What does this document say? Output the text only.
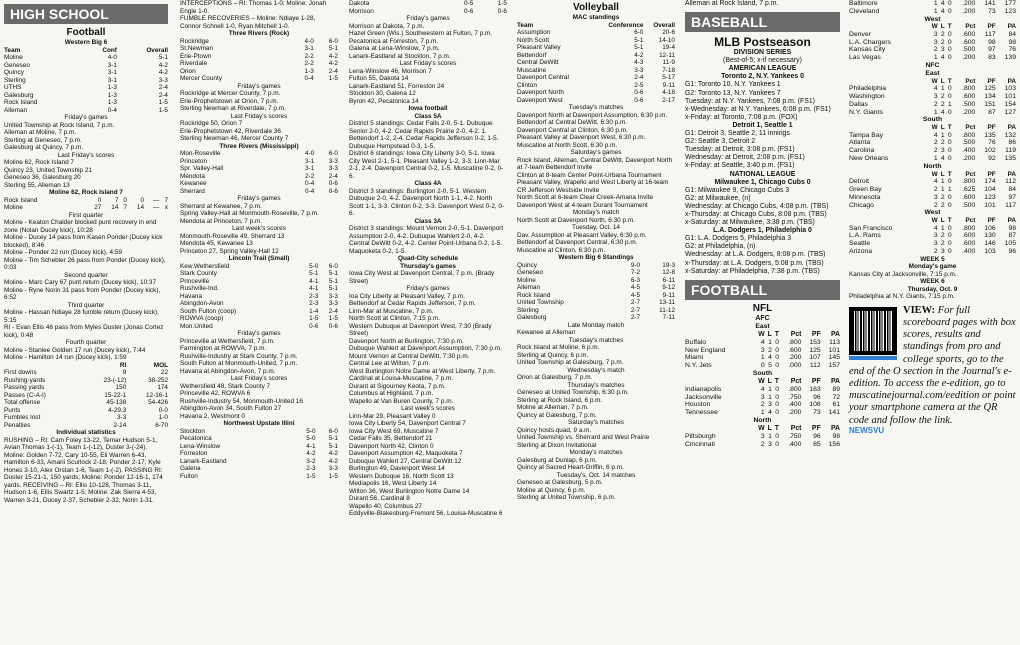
HIGH SCHOOL
Football
Western Big 6
Team	Conf	Overall
Moline	4-0	5-1
Geneseo	3-1	4-2
Quincy	3-1	4-2
Sterling	3-1	3-3
UTHS	1-3	2-4
Galesburg	1-3	2-4
Rock Island	1-3	1-5
Alleman	0-4	1-5
Friday's games
United Township at Rock Island, 7 p.m.
Alleman at Moline, 7 p.m.
Sterling at Geneseo, 7 p.m.
Galesburg at Quincy, 7 p.m.
Last Friday's scores
Moline 62, Rock Island 7
Quincy 23, United Township 21
Geneseo 36, Galesburg 20
Sterling 55, Alleman 13
Moline 62, Rock Island 7
Rock Island	0	7	0	0	—	7
Moline	27	14	7	14	—	x
First quarter
Moline - Keaton Chalder blocked punt recovery in end zone (Nolan Ducey kick), 10:28
Moline - Ducey 14 pass from Kasen Ponder (Ducey kick blocked), 8:46
Moline - Ponder 22 run (Ducey kick), 4:59
Moline - Tim Schebler 26 pass from Ponder (Ducey kick), 0:03
Second quarter
Moline - Marc Cary 67 punt return (Ducey kick), 10:37
Moline - Ryne Norin 31 pass from Ponder (Ducey kick), 6:52
Third quarter
Moline - Hassan Ndiaye 28 fumble return (Ducey kick), 5:15
RI - Evan Ellis 46 pass from Myles Duster (Jonas Cortez kick), 0:48
Fourth quarter
Moline - Stanlee Golden 17 run (Ducey kick), 7:44
Moline - Hamilton 14 run (Ducey kick), 1:59
	RI	MOL
First downs	9	22
Rushing-yards	23-(-12)	38-252
Passing yards	150	174
Passes (C-A-I)	15-22-1	12-16-1
Total offense	45-138	54-426
Punts	4-29.3	0-0
Fumbles lost	3-3	1-0
Penalties	2-14	6-70
Individual statistics
RUSHING – RI: Cam Foley 13-22, Temar Hudson 5-1, Avian Thomas 1-(-1), Team 1-(-12), Duster 3-(-24). Moline: Golden 7-72, Cary 10-55, Eli Warren 6-43, Hamilton 6-33, Amarii Scurlock 2-18, Ponder 2-17, Kyle Hones 3-10, Alex Orstan 1-6, Team 1-(-2). PASSING RI: Duster 15-21-1, 150 yards; Moline: Ponder 12-16-1, 174 yards. RECEIVING – RI: Ellis 10-128, Thomas 3-11, Hudson 1-6, Ellis Swartz 1-5; Moline: Zak Sierra 4-53, Warren 3-21, Ducey 2-37, Schebler 2-32, Norin 1-31.
INTERCEPTIONS – RI: Thomas 1-0; Moline: Jonah Engle 1-0.
FUMBLE RECOVERIES – Moline: Ndiaye 1-28, Connor Schnell 1-0, Ryan Mitchell 1-0.
Three Rivers (Rock)
Rockridge	4-0	6-0
St.Newman	3-1	5-1
Erie-Ptown	2-2	4-2
Riverdale	2-2	4-2
Orion	1-3	2-4
Mercer County	0-4	1-5
Friday's games
Rockridge at Mercer County, 7 p.m.
Erie-Prophetstown at Orion, 7 p.m.
Sterling Newman at Riverdale, 7 p.m.
Last Friday's scores
Rockridge 50, Orion 7
Erie-Prophetstown 42, Riverdale 36
Sterling Newman 46, Mercer County 7
Three Rivers (Mississippi)
Mon-Roseville	4-0	6-0
Princeton	3-1	3-3
Spr. Valley-Hall	3-1	3-3
Mendota	2-2	2-4
Kewanee	0-4	0-6
Sherrard	0-4	0-6
Friday's games
Sherrard at Kewanee, 7 p.m.
Spring Valley-Hall at Monmouth-Roseville, 7 p.m.
Mendota at Princeton, 7 p.m.
Last week's scores
Monmouth-Roseville 49, Sherrard 13
Mendota 45, Kewanee 13
Princeton 27, Spring Valley-Hall 12
Lincoln Trail (Small)
Kew.Wethersfield	5-0	6-0
Stark County	5-1	5-1
Princeville	4-1	5-1
Rushville-Ind.	4-1	5-1
Havana	2-3	3-3
Abingdon-Avon	2-3	3-3
South Fulton (coop)	1-4	2-4
ROWVA (coop)	1-5	1-5
Mon.United	0-6	0-6
Friday's games
Princeville at Wethersfield, 7 p.m.
Farmington at ROWVA, 7 p.m.
Rushville-Industry at Stark County, 7 p.m.
South Fulton at Monmouth-United, 7 p.m.
Havana at Abingdon-Avon, 7 p.m.
Last Friday's scores
Wethersfield 48, Stark County 7
Princeville 42, ROWVA 6
Rushville-Industry 54, Monmouth-United 16
Abingdon-Avon 34, South Fulton 27
Havana 2, Westmont 0
Northwest Upstate Illini
Stockton	5-0	6-0
Pecatonica	5-0	5-1
Lena-Winslow	4-1	5-1
Forreston	4-2	4-2
Lanark-Eastland	3-2	4-2
Galena	2-3	3-3
Fulton	1-5	1-5
Dakota	0-5	1-5
Morrison	0-6	0-6
Friday's games
Morrison at Dakota, 7 p.m.
Hazel Green (Wis.) Southwestern at Fulton, 7 p.m.
Pecatonica at Forreston, 7 p.m.
Galena at Lena-Winslow, 7 p.m.
Lanark-Eastland at Stockton, 7 p.m.
Last Friday's scores
Lena-Winslow 46, Morrison 7
Fulton 55, Dakota 14
Lanark-Eastland 51, Forreston 24
Stockton 30, Galena 12
Byron 42, Pecatonica 14
Iowa football
Class 5A
District 5 standings: Cedar Falls 2-0, 5-1. Dubuque Senior 2-0, 4-2. Cedar Rapids Prairie 2-0, 4-2. 1. Bettendorf 1-2, 2-4. Cedar Rapids Jefferson 0-2, 1-5. Dubuque Hempstead 0-3, 1-5.
District 6 standings: Iowa City Liberty 3-0, 5-1. Iowa City West 2-1, 5-1. Pleasant Valley 1-2, 3-3. Linn-Mar 2-1, 2-4. Davenport Central 0-2, 1-5. Muscatine 0-2, 0-6.
Class 4A
District 3 standings: Burlington 2-0, 5-1. Western Dubuque 2-0, 4-2. Davenport North 1-1, 4-2. North Scott 1-1, 3-3. Clinton 0-2, 3-3. Davenport West 0-2, 0-6.
Class 3A
District 3 standings: Mount Vernon 2-0, 5-1. Davenport Assumption 2-0, 4-2. Dubuque Wahlert 2-0, 4-2. Central DeWitt 0-2, 4-2. Center Point-Urbana 0-2, 1-5. Maquoketa 0-2, 1-5.
Quad-City schedule
Thursday's games
Iowa City West at Davenport Central, 7 p.m. (Brady Street)
Friday's games
Ioa City Liberty at Pleasant Valley, 7 p.m.
Bettendorf at Cedar Rapids Jefferson, 7 p.m.
Linn-Mar at Muscatine, 7 p.m.
North Scott at Clinton, 7:15 p.m.
Western Dubuque at Davenport West, 7:30 (Brady Street)
Davenport North at Burlington, 7:30 p.m.
Dubuque Wahlert at Davenport Assumption, 7:30 p.m.
Mount Vernon at Central DeWitt, 7:30 p.m.
Central Lee at Wilton, 7 p.m.
West Burlington Notre Dame at West Liberty, 7 p.m.
Cardinal at Louisa-Muscatine, 7 p.m.
Durant at Sigourney Keota, 7 p.m.
Columbus at Highland, 7 p.m.
Wapello at Van Buren County, 7 p.m.
Last week's scores
Linn-Mar 29, Pleasant Valley 0
Iowa City Liberty 54, Davenport Central 7
Iowa City West 69, Muscatine 7
Cedar Falls 35, Bettendorf 21
Davenport North 42, Clinton 0
Davenport Assumption 42, Maquoketa 7
Dubuque Wahlert 27, Central DeWitt 12
Burlington 49, Davenport West 14
Western Dubuque 16, North Scott 13
Mediapolis 16, West Liberty 14
Wilton 36, West Burlington Notre Dame 14
Durant 56, Cardinal 8
Wapello 40, Columbus 27
Eddyville-Blakesburg-Fremont 56, Louisa-Muscatine 6
Volleyball
MAC standings
Team	Conference	Overall
Assumption	6-0	20-6
North Scott	5-1	14-10
Pleasant Valley	5-1	19-4
Bettendorf	4-2	12-11
Central DeWitt	4-3	11-9
Muscatine	3-3	7-18
Davenport Central	2-4	5-17
Clinton	2-5	9-11
Davenport North	0-6	4-18
Davenport West	0-6	2-17
Tuesday's matches
Davenport North at Davenport Assumption, 6:30 p.m.
Bettendorf at Central DeWitt, 6:30 p.m.
Davenport Central at Clinton, 6:30 p.m.
Pleasant Valley at Davenport West, 6:30 p.m.
Muscatine at North Scott, 6:30 p.m.
Saturday's games
Rock Island, Alleman, Central DeWitt, Davenport North at 7-team Bettendorf Invite
Clinton at 8-team Center Point-Urbana Tournament
Pleasant Valley, Wapello and West Liberty at 16-team CR Jefferson Westside Invite
North Scott at 6-team Clear Creek-Amana Invite
Davenport West at 4-team Durant Tournament
Monday's match
North Scott at Davenport North, 6:30 p.m.
Tuesday, Oct. 14
Dav. Assumption at Pleasant Valley, 6:30 p.m.
Bettendorf at Davenport Central, 6:30 p.m.
Muscatine at Clinton, 6:30 p.m.
Western Big 6 Standings
Quincy	9-0	19-3
Geneseo	7-2	12-8
Moline	6-3	6-11
Alleman	4-5	9-12
Rock Island	4-5	9-11
United Township	2-7	13-11
Sterling	2-7	11-12
Galesburg	2-7	7-11
Late Monday match
Kewanee at Alleman
Tuesday's matches
Rock Island at Moline, 6 p.m.
Sterling at Quincy, 6 p.m.
United Township at Galesburg, 7 p.m.
Wednesday's match
Orion at Galesburg, 7 p.m.
Thursday's matches
Geneseo at United Township, 6:30 p.m.
Sterling at Rock Island, 6 p.m.
Moline at Alleman, 7 p.m.
Quincy at Galesburg, 7 p.m.
Saturday's matches
Quincy hosts quad, 9 a.m.
United Township vs. Sherrard and West Prairie
Sterling at Dixon Invitational
Monday's matches
Galesburg at Dunlap, 6 p.m.
Quincy at Sacred Heart-Griffin, 6 p.m.
Tuesday's, Oct. 14 matches
Geneseo at Galesburg, 5 p.m.
Moline at Quincy, 6 p.m.
Sterling at United Township, 6 p.m.
Alleman at Rock Island, 7 p.m.
BASEBALL
MLB Postseason
DIVISION SERIES
(Best-of-5; x-if necessary)
AMERICAN LEAGUE
Toronto 2, N.Y. Yankees 0
G1: Toronto 10, N.Y. Yankees 1
G2: Toronto 13, N.Y. Yankees 7
Tuesday: at N.Y. Yankees, 7:08 p.m. (FS1)
x-Wednesday: at N.Y. Yankees, 6:08 p.m. (FS1)
x-Friday: at Toronto, 7:08 p.m. (FOX)
Detroit 1, Seattle 1
G1: Detroit 3, Seattle 2, 11 innings
G2: Seattle 3, Detroit 2
Tuesday: at Detroit, 3:08 p.m. (FS1)
Wednesday: at Detroit, 2:08 p.m. (FS1)
x-Friday: at Seattle, 3:40 p.m. (FS1)
NATIONAL LEAGUE
Milwaukee 1, Chicago Cubs 0
G1: Milwaukee 9, Chicago Cubs 3
G2: at Milwaukee, (n)
Wednesday: at Chicago Cubs, 4:08 p.m. (TBS)
x-Thursday: at Chicago Cubs, 8:08 p.m. (TBS)
x-Saturday: at Milwaukee, 3:38 p.m. (TBS)
L.A. Dodgers 1, Philadelphia 0
G1: L.A. Dodgers 5, Philadelphia 3
G2: at Philadelphia, (n)
Wednesday: at L.A. Dodgers, 8:08 p.m. (TBS)
x-Thursday: at L.A. Dodgers, 5:08 p.m. (TBS)
x-Saturday: at Philadelphia, 7:38 p.m. (TBS)
FOOTBALL
NFL
AFC
East						
	W	L	T	Pct	PF	PA
Buffalo	4	1	0	.800	153	113
New England	3	2	0	.600	125	101
Miami	1	4	0	.200	107	145
N.Y. Jets	0	5	0	.000	112	157
South						
	W	L	T	Pct	PF	PA
Indianapolis	4	1	0	.800	163	89
Jacksonville	3	1	0	.750	96	72
Houston	2	3	0	.400	108	61
Tennessee	1	4	0	.200	73	141
North						
	W	L	T	Pct	PF	PA
Pittsburgh	3	1	0	.750	96	98
Cincinnati	2	3	0	.400	85	156
Baltimore	1	4	0	.200	141	177
Cleveland	1	4	0	.200	73	123
West						
	W	L	T	Pct	PF	PA
Denver	3	2	0	.600	117	84
L.A. Chargers	3	2	0	.600	98	98
Kansas City	2	3	0	.500	97	76
Las Vegas	1	4	0	.200	83	139
NFC						
East						
	W	L	T	Pct	PF	PA
Philadelphia	4	1	0	.800	125	103
Washington	3	2	0	.600	134	101
Dallas	2	2	1	.500	151	154
N.Y. Giants	1	4	0	.200	87	127
South						
	W	L	T	Pct	PF	PA
Tampa Bay	4	1	0	.800	135	132
Atlanta	2	2	0	.500	76	86
Carolina	2	3	0	.400	102	119
New Orleans	1	4	0	.200	92	135
North						
	W	L	T	Pct	PF	PA
Detroit	4	1	0	.800	174	112
Green Bay	2	1	1	.625	104	84
Minnesota	3	2	0	.600	123	97
Chicago	2	2	0	.500	101	117
West						
	W	L	T	Pct	PF	PA
San Francisco	4	1	0	.800	106	98
L.A. Rams	3	2	0	.600	130	87
Seattle	3	2	0	.600	146	105
Arizona	2	3	0	.400	103	96
WEEK 5
Monday's game
Kansas City at Jacksonville, 7:15 p.m.
WEEK 6
Thursday, Oct. 9
Philadelphia at N.Y. Giants, 7:15 p.m.
VIEW: For full scoreboard pages with box scores, results and standings from pro and college sports, go to the end of the O section in the Journal's e-edition. To access the e-edition, go to muscatinejournal.com/eedition or point your smartphone camera at the QR code and follow the link.
NEWSVU
